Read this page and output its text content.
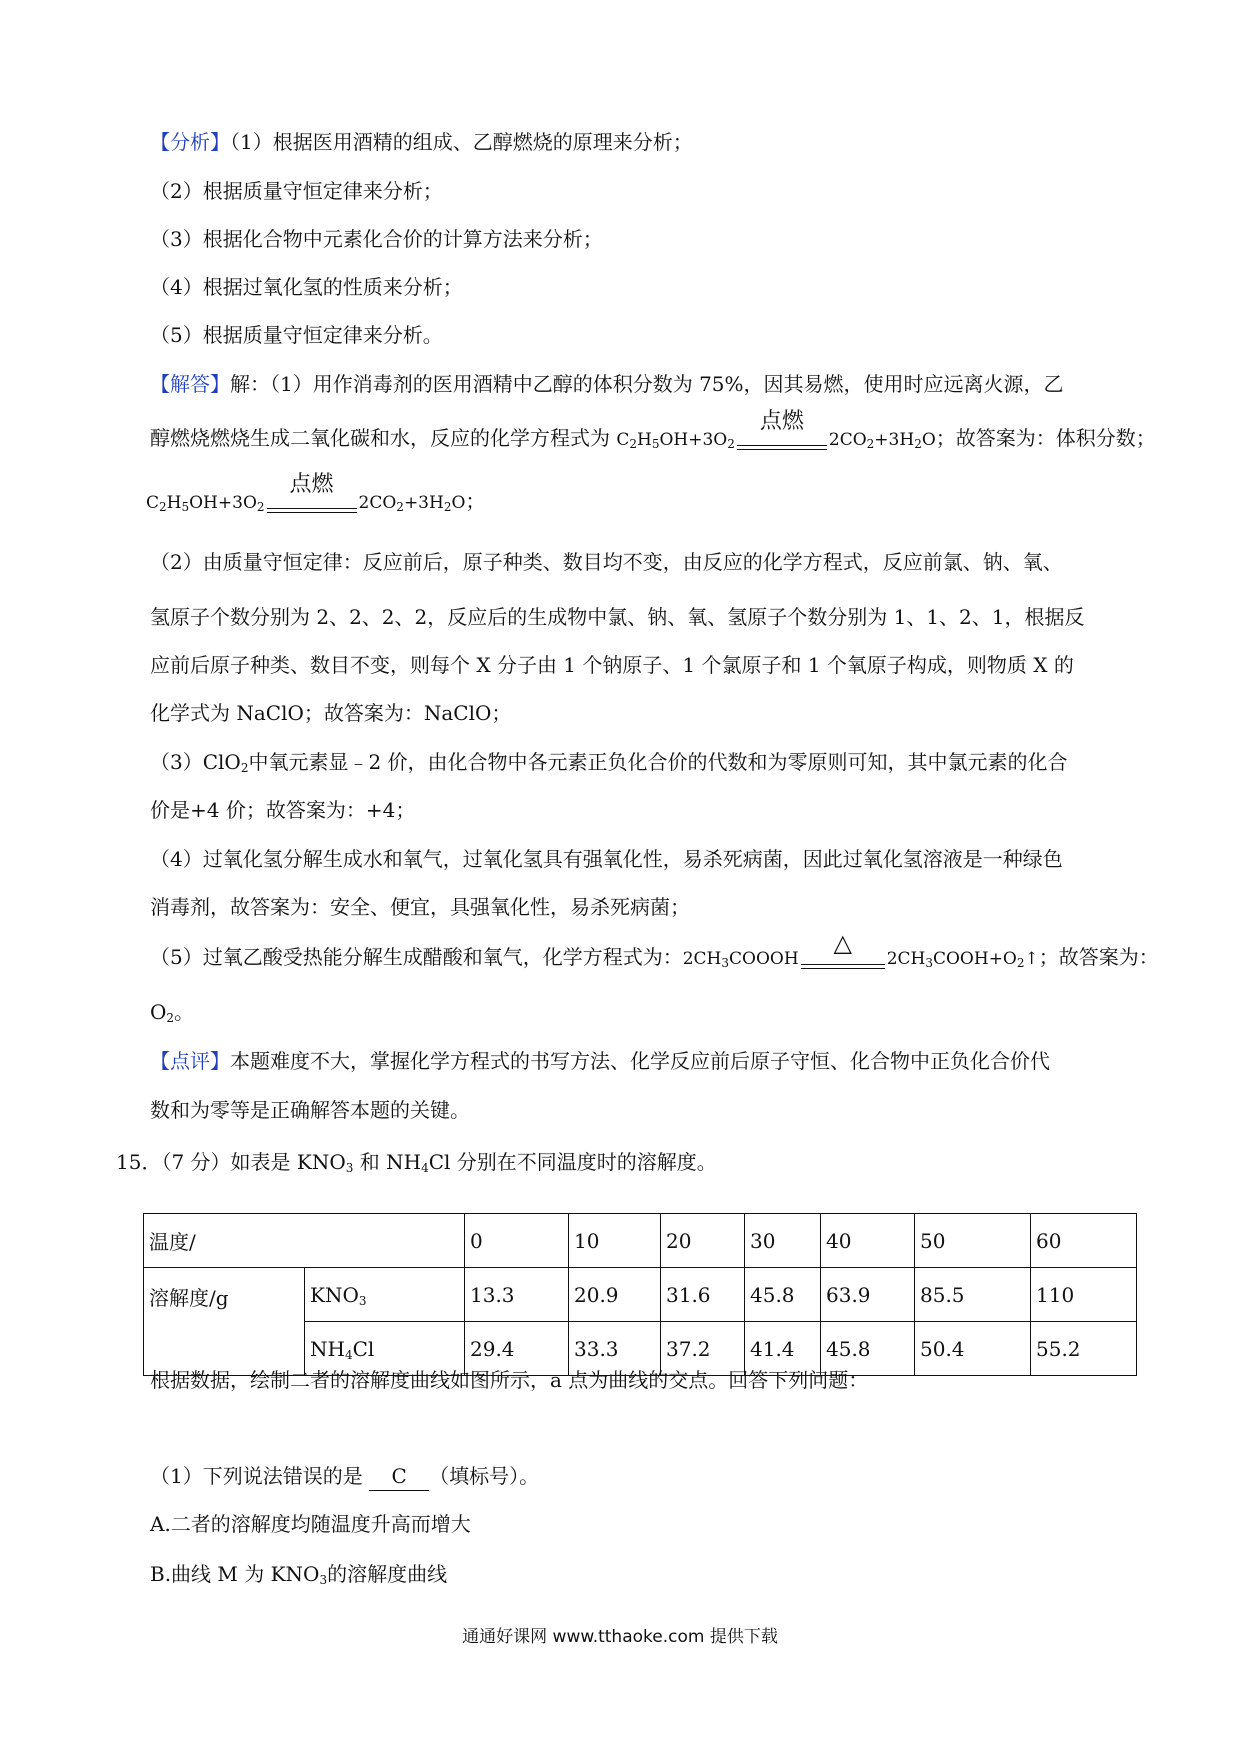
【分析】（1）根据医用酒精的组成、乙醇燃烧的原理来分析；
（2）根据质量守恒定律来分析；
（3）根据化合物中元素化合价的计算方法来分析；
（4）根据过氧化氢的性质来分析；
（5）根据质量守恒定律来分析。
【解答】解：（1）用作消毒剂的医用酒精中乙醇的体积分数为 75%，因其易燃，使用时应远离火源，乙
醇燃烧燃烧生成二氧化碳和水，反应的化学方程式为 $C_2H_5OH+3O_2$
点燃
$2CO_2+3H_2O$；故答案为：体积分数；
$C_2H_5OH+3O_2$
点燃
$2CO_2+3H_2O$；
（2）由质量守恒定律：反应前后，原子种类、数目均不变，由反应的化学方程式，反应前氯、钠、氧、
氢原子个数分别为 2、2、2、2，反应后的生成物中氯、钠、氧、氢原子个数分别为 1、1、2、1，根据反
应前后原子种类、数目不变，则每个 X 分子由 1 个钠原子、1 个氯原子和 1 个氧原子构成，则物质 X 的
化学式为 NaClO；故答案为：NaClO；
（3）ClO$_2$中氧元素显﹣2 价，由化合物中各元素正负化合价的代数和为零原则可知，其中氯元素的化合
价是+4 价；故答案为：+4；
（4）过氧化氢分解生成水和氧气，过氧化氢具有强氧化性，易杀死病菌，因此过氧化氢溶液是一种绿色
消毒剂，故答案为：安全、便宜，具强氧化性，易杀死病菌；
（5）过氧乙酸受热能分解生成醋酸和氧气，化学方程式为：$2CH_3COOOH$
△
$2CH_3COOH+O_2↑$；故答案为：
$O_2$。
【点评】本题难度不大，掌握化学方程式的书写方法、化学反应前后原子守恒、化合物中正负化合价代
数和为零等是正确解答本题的关键。
15．（7 分）如表是 $KNO_3$ 和 $NH_4Cl$ 分别在不同温度时的溶解度。
温度/		0	10	20	30	40	50	60
溶解度/g	$KNO_3$	13.3	20.9	31.6	45.8	63.9	85.5	110
	$NH_4Cl$	29.4	33.3	37.2	41.4	45.8	50.4	55.2
根据数据，绘制二者的溶解度曲线如图所示，a 点为曲线的交点。回答下列问题：
（1）下列说法错误的是 C （填标号）。
A.二者的溶解度均随温度升高而增大
B.曲线 M 为 $KNO_3$的溶解度曲线
通通好课网 www.tthaoke.com 提供下载
